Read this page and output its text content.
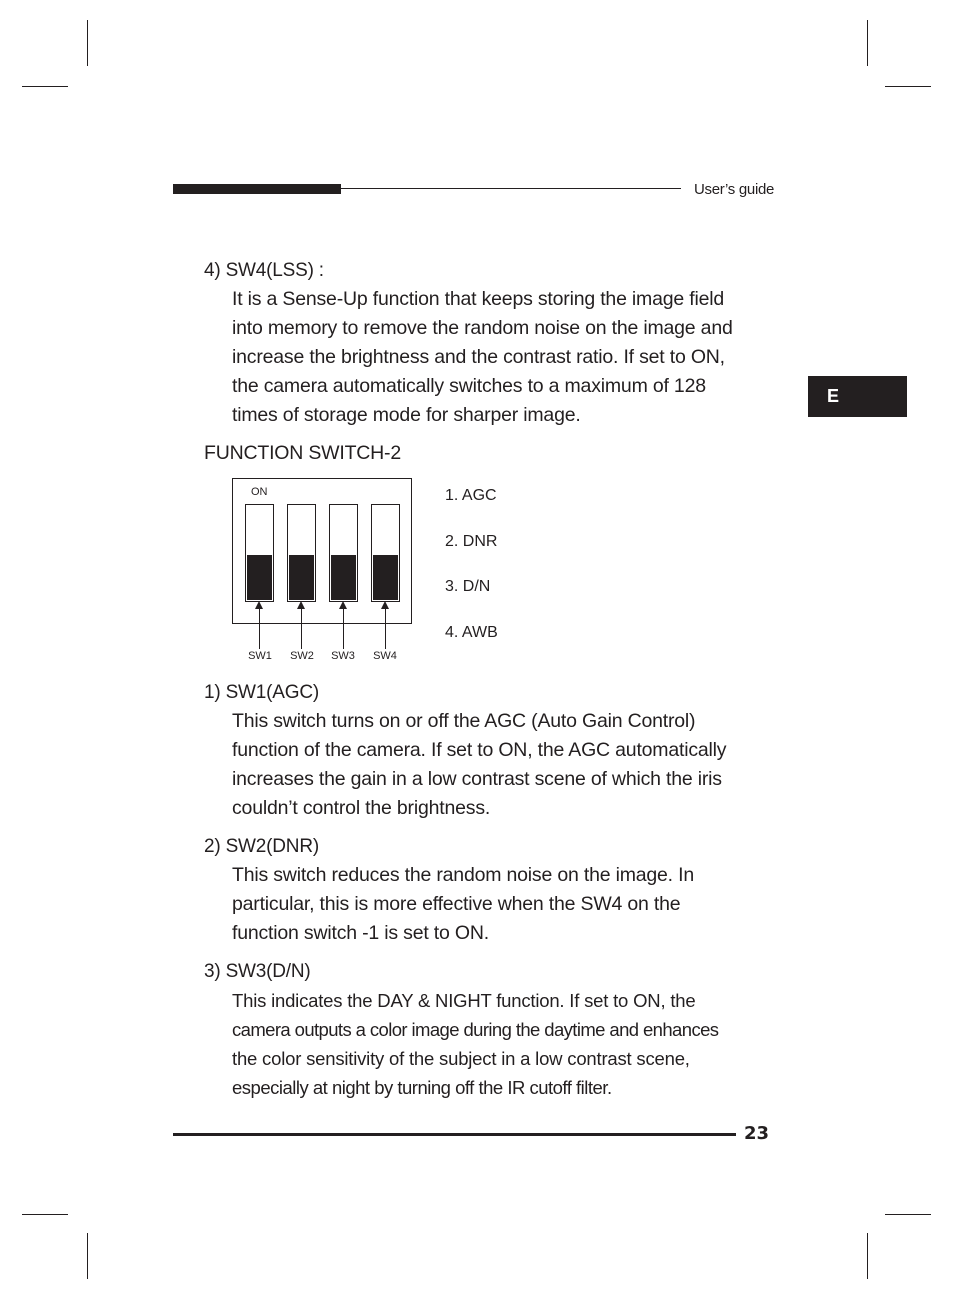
User’s guide
E
4) SW4(LSS) :
It is a Sense-Up function that keeps storing the image field
into memory to remove the random noise on the image and
increase the brightness and the contrast ratio. If set to ON,
the camera automatically switches to a maximum of 128
times of storage mode for sharper image.
FUNCTION SWITCH-2
ON
SW1	SW2	SW3	SW4
1. AGC
2. DNR
3. D/N
4. AWB
1) SW1(AGC)
This switch turns on or off the AGC (Auto Gain Control)
function of the camera. If set to ON, the AGC automatically
increases the gain in a low contrast scene of which the iris
couldn’t control the brightness.
2) SW2(DNR)
This switch reduces the random noise on the image. In
particular, this is more effective when the SW4 on the
function switch -1 is set to ON.
3) SW3(D/N)
This indicates the DAY & NIGHT function. If set to ON, the
camera outputs a color image during the daytime and enhances
the color sensitivity of the subject in a low contrast scene,
especially at night by turning off the IR cutoff filter.
23
